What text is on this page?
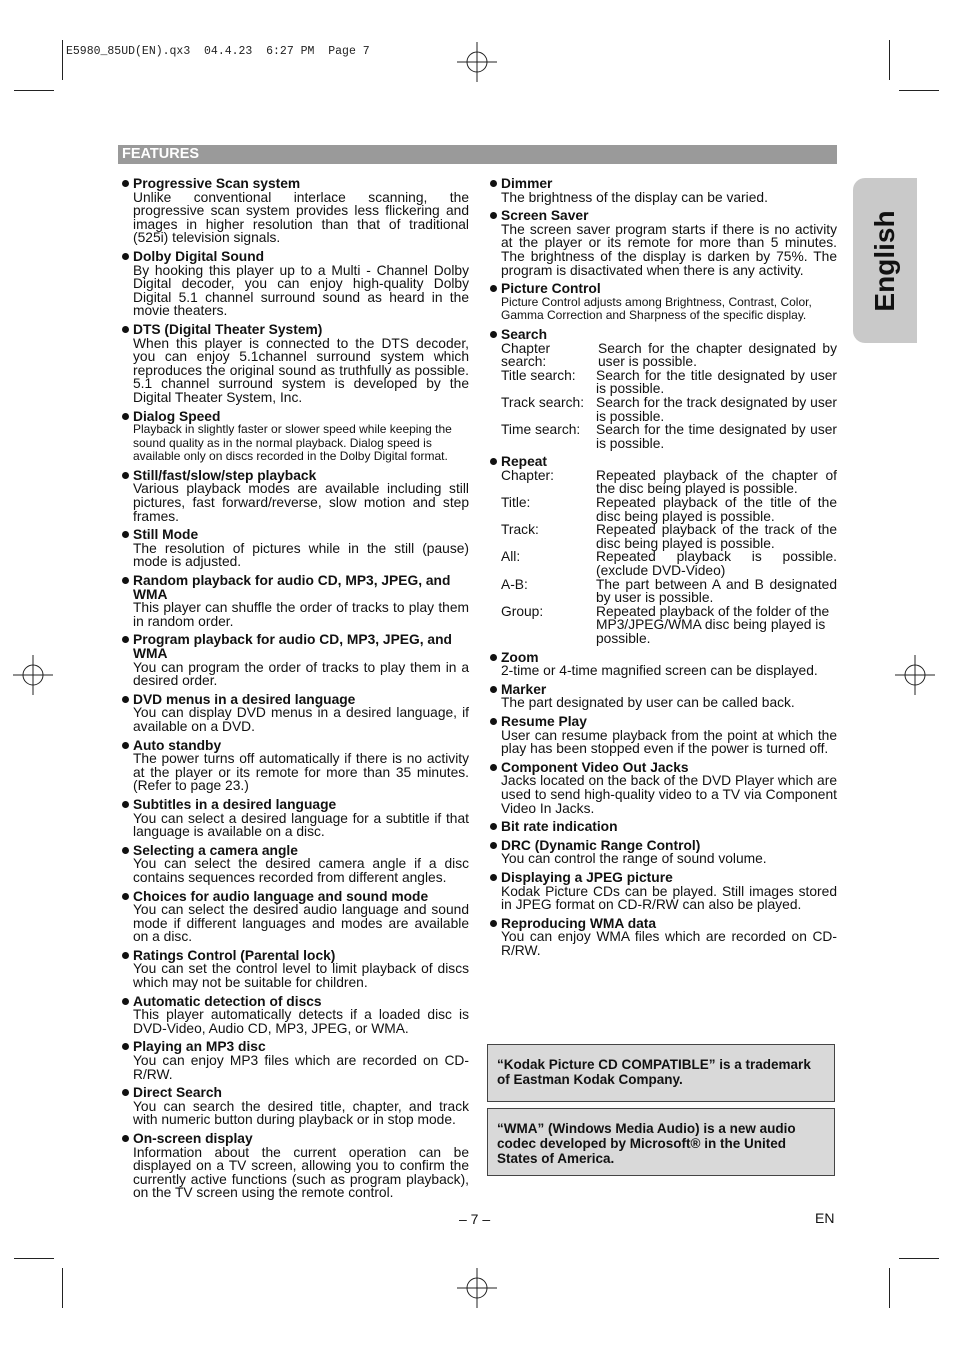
E5980_85UD(EN).qx3  04.4.23  6:27 PM  Page 7
English
FEATURES
Progressive Scan system
Unlike conventional interlace scanning, the progressive scan system provides less flickering and images in higher resolution than that of traditional (525i) television signals.
Dolby Digital Sound
By hooking this player up to a Multi - Channel Dolby Digital decoder, you can enjoy high-quality Dolby Digital 5.1 channel surround sound as heard in the movie theaters.
DTS (Digital Theater System)
When this player is connected to the DTS decoder, you can enjoy 5.1channel surround system which reproduces the original sound as truthfully as possible. 5.1 channel surround system is developed by the Digital Theater System, Inc.
Dialog Speed
Playback in slightly faster or slower speed while keeping the sound quality as in the normal playback. Dialog speed is available only on discs recorded in the Dolby Digital format.
Still/fast/slow/step playback
Various playback modes are available including still pictures, fast forward/reverse, slow motion and step frames.
Still Mode
The resolution of pictures while in the still (pause) mode is adjusted.
Random playback for audio CD, MP3, JPEG, and WMA
This player can shuffle the order of tracks to play them in random order.
Program playback for audio CD, MP3, JPEG, and WMA
You can program the order of tracks to play them in a desired order.
DVD menus in a desired language
You can display DVD menus in a desired language, if available on a DVD.
Auto standby
The power turns off automatically if there is no activity at the player or its remote for more than 35 minutes. (Refer to page 23.)
Subtitles in a desired language
You can select a desired language for a subtitle if that language is available on a disc.
Selecting a camera angle
You can select the desired camera angle if a disc contains sequences recorded from different angles.
Choices for audio language and sound mode
You can select the desired audio language and sound mode if different languages and modes are available on a disc.
Ratings Control (Parental lock)
You can set the control level to limit playback of discs which may not be suitable for children.
Automatic detection of discs
This player automatically detects if a loaded disc is DVD-Video, Audio CD, MP3, JPEG, or WMA.
Playing an MP3 disc
You can enjoy MP3 files which are recorded on CD-R/RW.
Direct Search
You can search the desired title, chapter, and track with numeric button during playback or in stop mode.
On-screen display
Information about the current operation can be displayed on a TV screen, allowing you to confirm the currently active functions (such as program playback), on the TV screen using the remote control.
Dimmer
The brightness of the display can be varied.
Screen Saver
The screen saver program starts if there is no activity at the player or its remote for more than 5 minutes. The brightness of the display is darken by 75%. The program is disactivated when there is any activity.
Picture Control
Picture Control adjusts among Brightness, Contrast, Color, Gamma Correction and Sharpness of the specific display.
Search
Chapter search:
Search for the chapter designated by user is possible.
Title search:	Search for the title designated by user is possible.
Track search: Search for the track designated by user is possible.
Time search:	Search for the time designated by user is possible.
Repeat
Chapter:	Repeated playback of the chapter of the disc being played is possible.
Title:	Repeated playback of the title of the disc being played is possible.
Track:	Repeated playback of the track of the disc being played is possible.
All:	Repeated playback is possible. (exclude DVD-Video)
A-B:	The part between A and B designated by user is possible.
Group:	Repeated playback of the folder of the MP3/JPEG/WMA disc being played is possible.
Zoom
2-time or 4-time magnified screen can be displayed.
Marker
The part designated by user can be called back.
Resume Play
User can resume playback from the point at which the play has been stopped even if the power is turned off.
Component Video Out Jacks
Jacks located on the back of the DVD Player which are used to send high-quality video to a TV via Component Video In Jacks.
Bit rate indication
DRC (Dynamic Range Control)
You can control the range of sound volume.
Displaying a JPEG picture
Kodak Picture CDs can be played. Still images stored in JPEG format on CD-R/RW can also be played.
Reproducing WMA data
You can enjoy WMA files which are recorded on CD-R/RW.
“Kodak Picture CD COMPATIBLE” is a trademark of Eastman Kodak Company.
“WMA” (Windows Media Audio) is a new audio codec developed by Microsoft® in the United States of America.
– 7 –	EN
